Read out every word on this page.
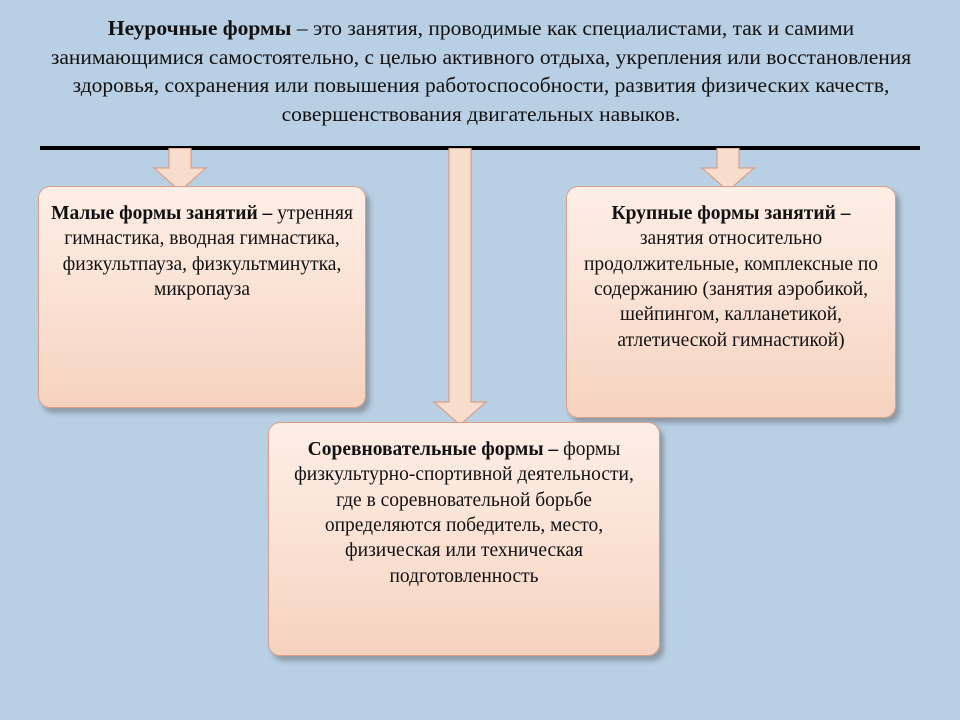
Неурочные формы – это занятия, проводимые как специалистами, так и самими занимающимися самостоятельно, с целью активного отдыха, укрепления или восстановления здоровья, сохранения или повышения работоспособности, развития физических качеств, совершенствования двигательных навыков.
Малые формы занятий – утренняя гимнастика, вводная гимнастика, физкультпауза, физкультминутка, микропауза
Крупные формы занятий – занятия относительно продолжительные, комплексные по содержанию (занятия аэробикой, шейпингом, калланетикой, атлетической гимнастикой)
Соревновательные формы – формы физкультурно-спортивной деятельности, где в соревновательной борьбе определяются победитель, место, физическая или техническая подготовленность
